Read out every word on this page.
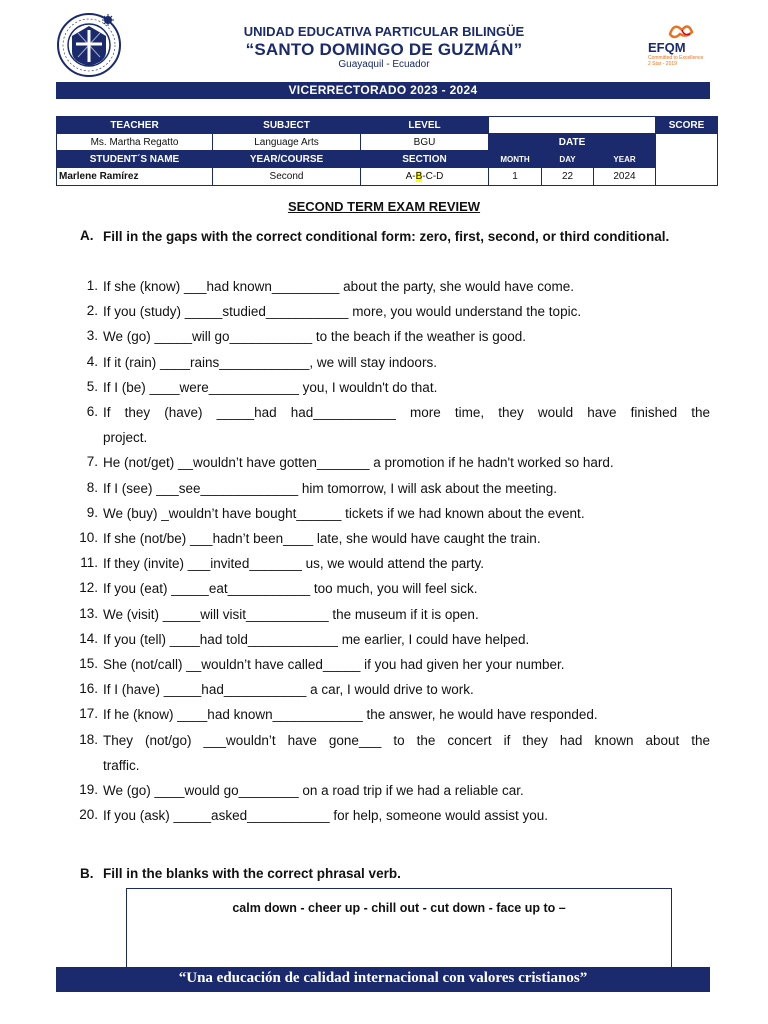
UNIDAD EDUCATIVA PARTICULAR BILINGÜE
“SANTO DOMINGO DE GUZMÁN”
Guayaquil - Ecuador
EFQM
Committed to Excellence
2 Star - 2019
VICERRECTORADO 2023 - 2024
TEACHER	SUBJECT	LEVEL				SCORE
Ms. Martha Regatto	Language Arts	BGU	DATE			
STUDENT´S NAME	YEAR/COURSE	SECTION	MONTH	DAY	YEAR	
Marlene Ramírez	Second	A-B-C-D	1	22	2024	
SECOND TERM EXAM REVIEW
A. Fill in the gaps with the correct conditional form: zero, first, second, or third conditional.
1. If she (know) ___had known_________ about the party, she would have come.
2. If you (study) _____studied___________ more, you would understand the topic.
3. We (go) _____will go___________ to the beach if the weather is good.
4. If it (rain) ____rains____________, we will stay indoors.
5. If I (be) ____were____________ you, I wouldn't do that.
6. If they (have) _____had had___________ more time, they would have finished the
project.
7. He (not/get) __wouldn’t have gotten_______ a promotion if he hadn't worked so hard.
8. If I (see) ___see_____________ him tomorrow, I will ask about the meeting.
9. We (buy) _wouldn’t have bought______ tickets if we had known about the event.
10. If she (not/be) ___hadn’t been____ late, she would have caught the train.
11. If they (invite) ___invited_______ us, we would attend the party.
12. If you (eat) _____eat___________ too much, you will feel sick.
13. We (visit) _____will visit___________ the museum if it is open.
14. If you (tell) ____had told____________ me earlier, I could have helped.
15. She (not/call) __wouldn’t have called_____ if you had given her your number.
16. If I (have) _____had___________ a car, I would drive to work.
17. If he (know) ____had known____________ the answer, he would have responded.
18. They (not/go) ___wouldn’t have gone___ to the concert if they had known about the
traffic.
19. We (go) ____would go________ on a road trip if we had a reliable car.
20. If you (ask) _____asked___________ for help, someone would assist you.
B. Fill in the blanks with the correct phrasal verb.
calm down - cheer up - chill out - cut down - face up to –
“Una educación de calidad internacional con valores cristianos”
